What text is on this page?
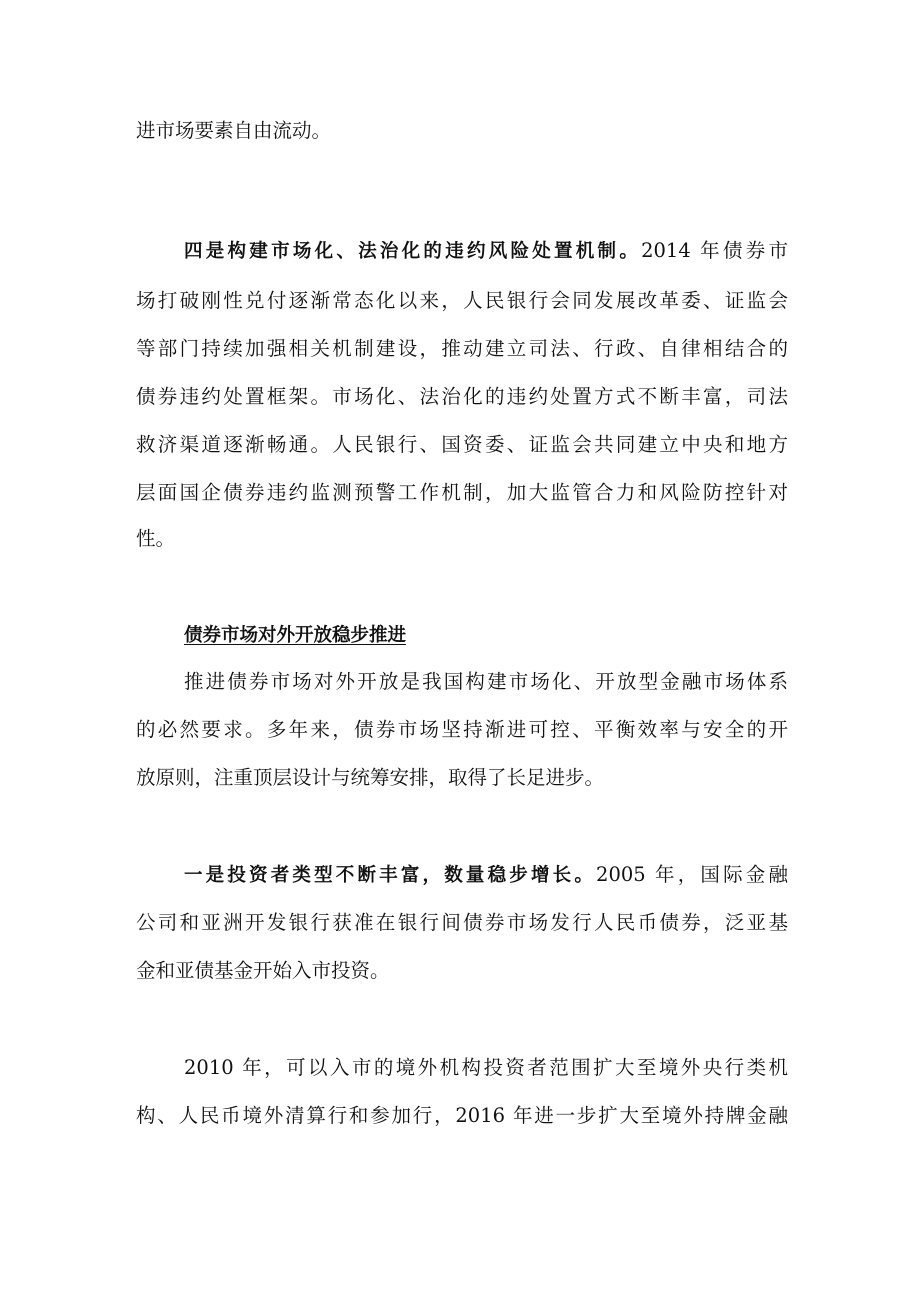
进市场要素自由流动。
四是构建市场化、法治化的违约风险处置机制。2014 年债券市
场打破刚性兑付逐渐常态化以来，人民银行会同发展改革委、证监会
等部门持续加强相关机制建设，推动建立司法、行政、自律相结合的
债券违约处置框架。市场化、法治化的违约处置方式不断丰富，司法
救济渠道逐渐畅通。人民银行、国资委、证监会共同建立中央和地方
层面国企债券违约监测预警工作机制，加大监管合力和风险防控针对
性。
债券市场对外开放稳步推进
推进债券市场对外开放是我国构建市场化、开放型金融市场体系
的必然要求。多年来，债券市场坚持渐进可控、平衡效率与安全的开
放原则，注重顶层设计与统筹安排，取得了长足进步。
一是投资者类型不断丰富，数量稳步增长。2005 年，国际金融
公司和亚洲开发银行获准在银行间债券市场发行人民币债券，泛亚基
金和亚债基金开始入市投资。
2010 年，可以入市的境外机构投资者范围扩大至境外央行类机
构、人民币境外清算行和参加行，2016 年进一步扩大至境外持牌金融
